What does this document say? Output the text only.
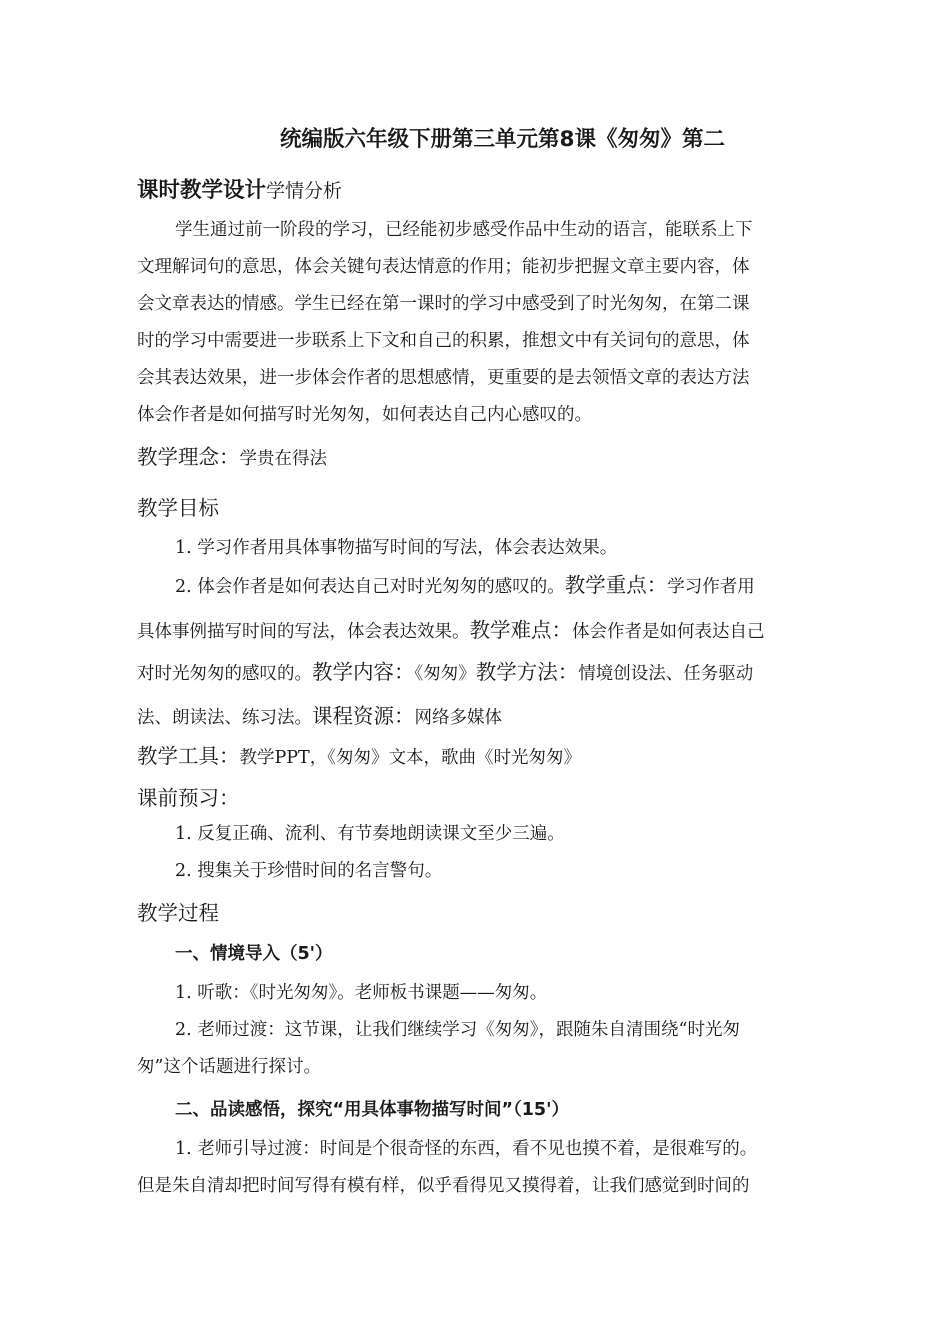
统编版六年级下册第三单元第8课《匆匆》第二
课时教学设计学情分析
学生通过前一阶段的学习，已经能初步感受作品中生动的语言，能联系上下
文理解词句的意思，体会关键句表达情意的作用；能初步把握文章主要内容，体
会文章表达的情感。学生已经在第一课时的学习中感受到了时光匆匆，在第二课
时的学习中需要进一步联系上下文和自己的积累，推想文中有关词句的意思，体
会其表达效果，进一步体会作者的思想感情，更重要的是去领悟文章的表达方法
体会作者是如何描写时光匆匆，如何表达自己内心感叹的。
教学理念：学贵在得法
教学目标
1. 学习作者用具体事物描写时间的写法，体会表达效果。
2. 体会作者是如何表达自己对时光匆匆的感叹的。教学重点：学习作者用
具体事例描写时间的写法，体会表达效果。教学难点：体会作者是如何表达自己
对时光匆匆的感叹的。教学内容：《匆匆》教学方法：情境创设法、任务驱动
法、朗读法、练习法。课程资源：网络多媒体
教学工具：教学PPT，《匆匆》文本，歌曲《时光匆匆》
课前预习：
1. 反复正确、流利、有节奏地朗读课文至少三遍。
2. 搜集关于珍惜时间的名言警句。
教学过程
一、情境导入（5'）
1. 听歌：《时光匆匆》。老师板书课题——匆匆。
2. 老师过渡：这节课，让我们继续学习《匆匆》，跟随朱自清围绕“时光匆
匆”这个话题进行探讨。
二、品读感悟，探究“用具体事物描写时间”（15'）
1. 老师引导过渡：时间是个很奇怪的东西，看不见也摸不着，是很难写的。
但是朱自清却把时间写得有模有样，似乎看得见又摸得着，让我们感觉到时间的
